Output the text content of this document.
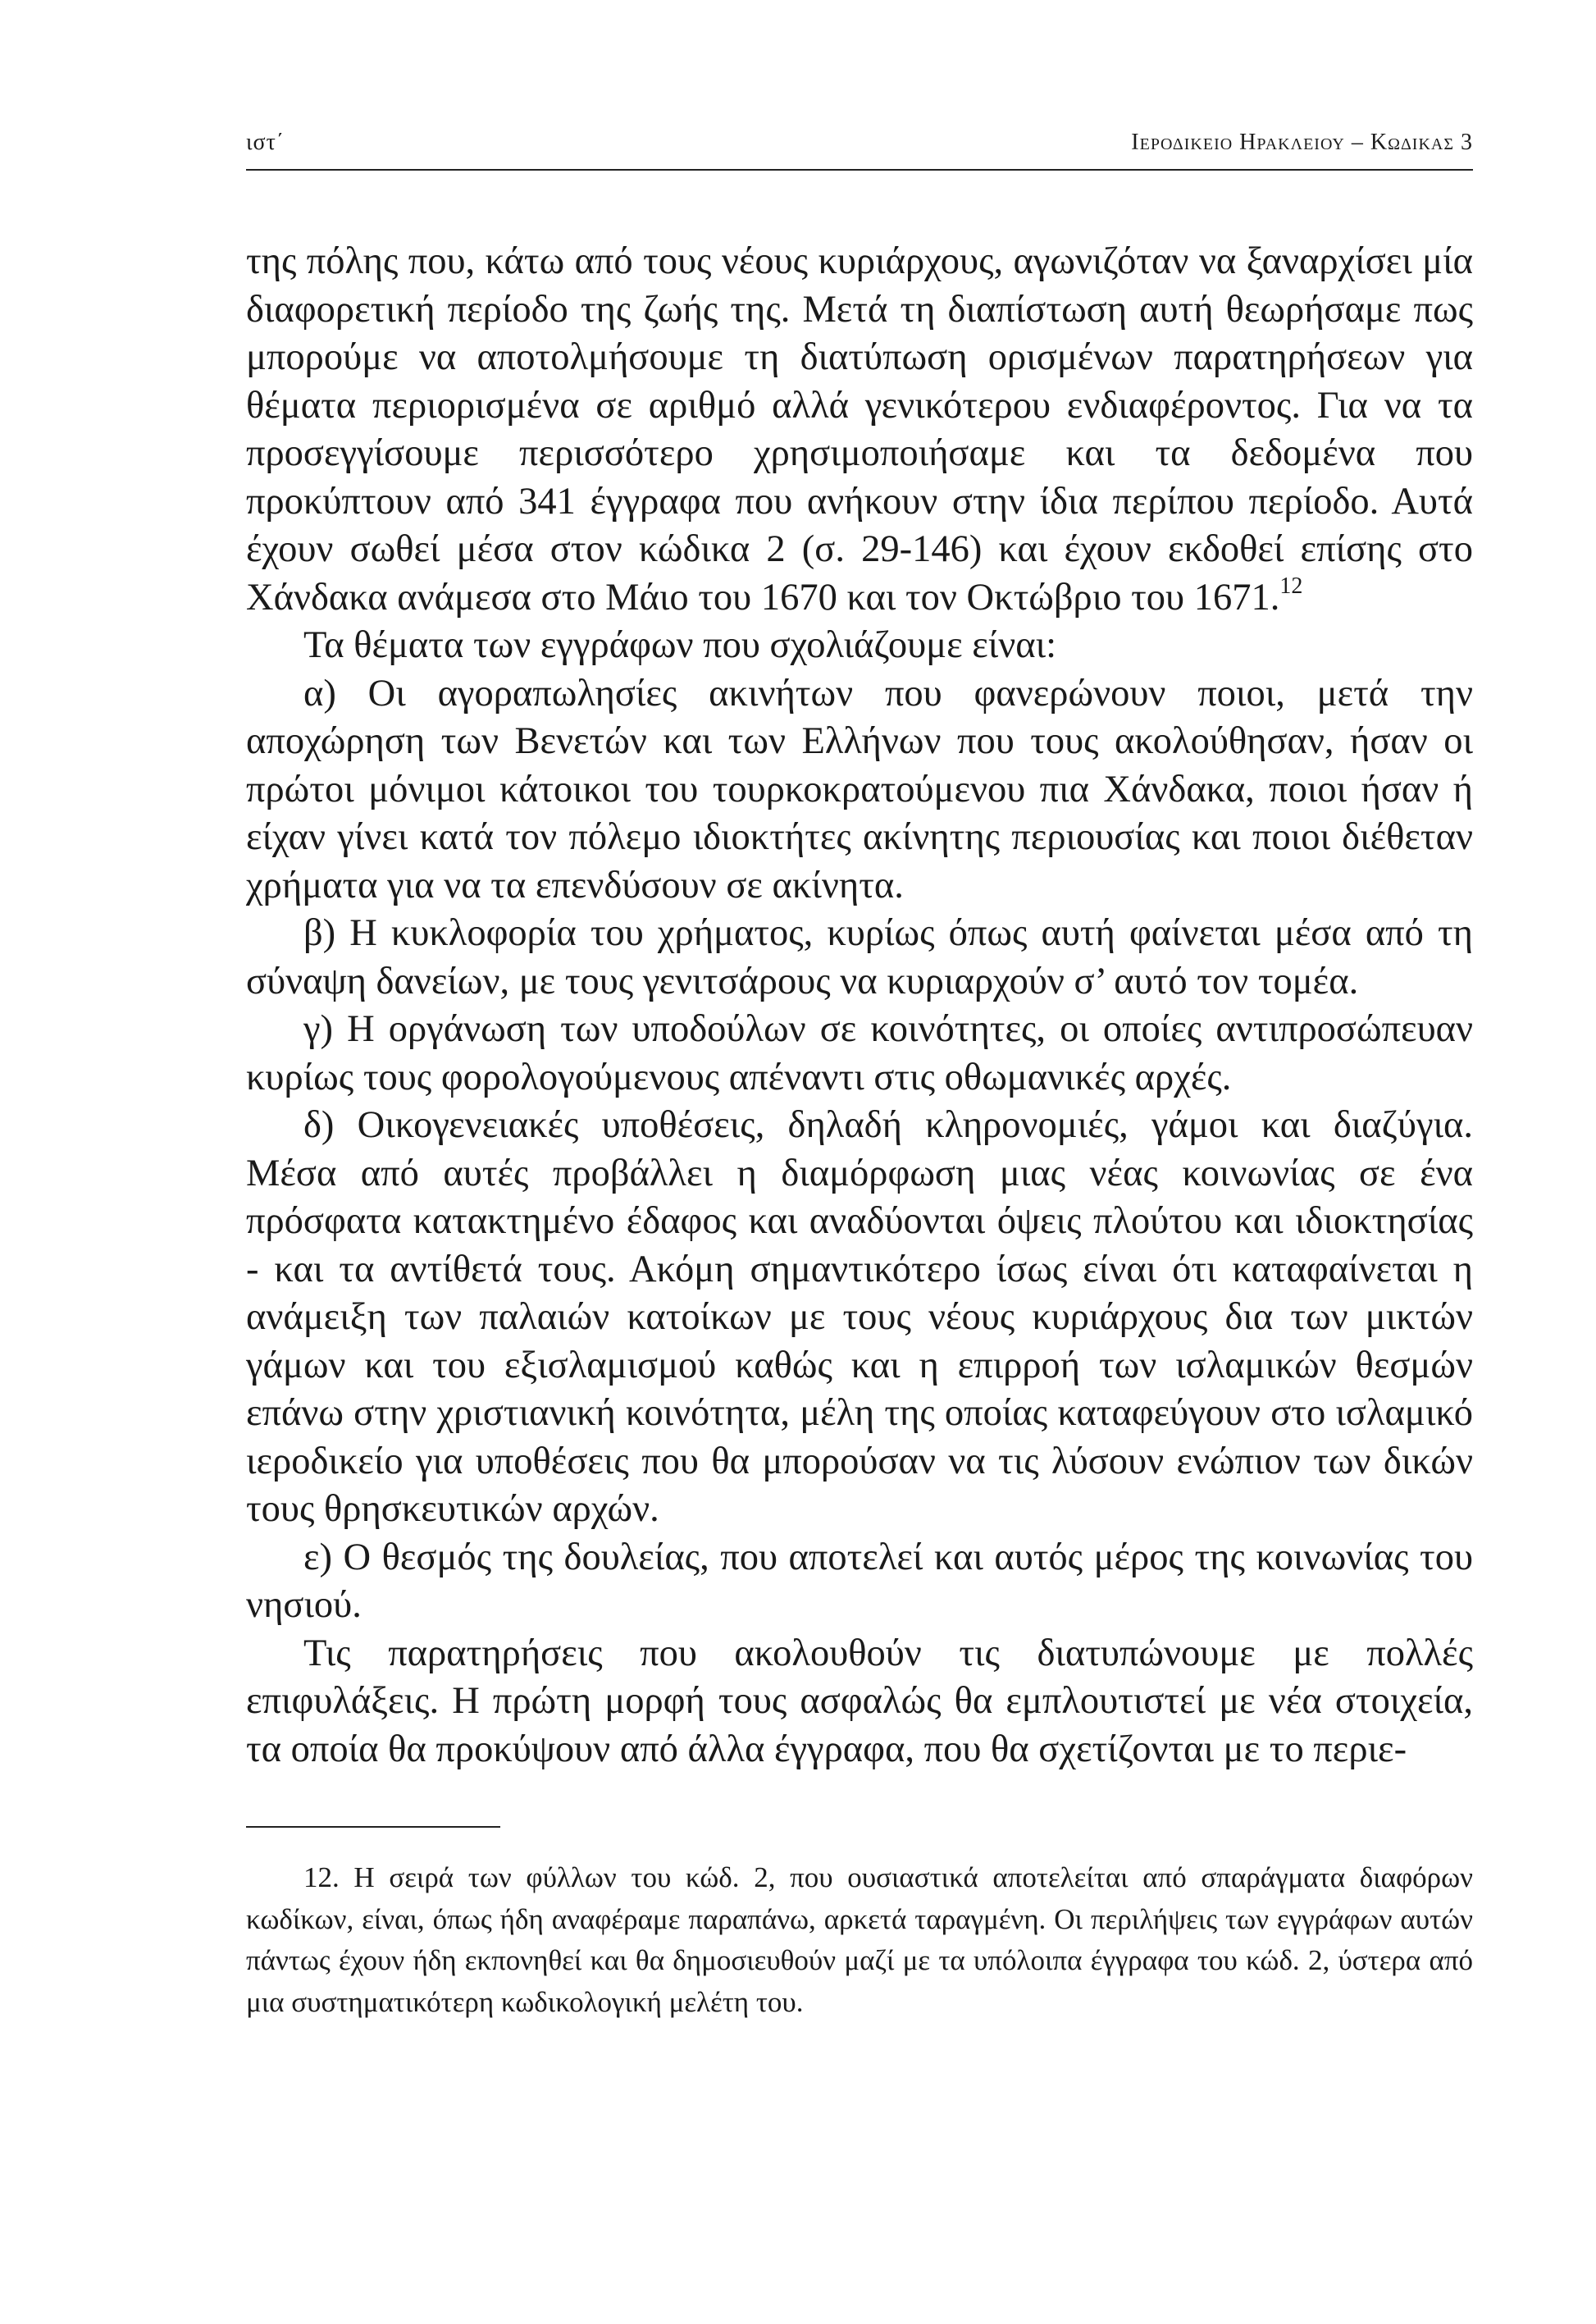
ιστ΄	Ιεροδικειο Ηρακλειου – Κωδικας 3

της πόλης που, κάτω από τους νέους κυριάρχους, αγωνιζόταν να ξαναρχίσει μία διαφορετική περίοδο της ζωής της. Μετά τη διαπίστωση αυτή θεωρήσαμε πως μπορούμε να αποτολμήσουμε τη διατύπωση ορισμένων παρατηρήσεων για θέματα περιορισμένα σε αριθμό αλλά γενικότερου ενδιαφέροντος. Για να τα προσεγγίσουμε περισσότερο χρησιμοποιήσαμε και τα δεδομένα που προκύπτουν από 341 έγγραφα που ανήκουν στην ίδια περίπου περίοδο. Αυτά έχουν σωθεί μέσα στον κώδικα 2 (σ. 29-146) και έχουν εκδοθεί επίσης στο Χάνδακα ανάμεσα στο Μάιο του 1670 και τον Οκτώβριο του 1671.12

Τα θέματα των εγγράφων που σχολιάζουμε είναι:

α) Οι αγοραπωλησίες ακινήτων που φανερώνουν ποιοι, μετά την αποχώρηση των Βενετών και των Ελλήνων που τους ακολούθησαν, ήσαν οι πρώτοι μόνιμοι κάτοικοι του τουρκοκρατούμενου πια Χάνδακα, ποιοι ήσαν ή είχαν γίνει κατά τον πόλεμο ιδιοκτήτες ακίνητης περιουσίας και ποιοι διέθεταν χρήματα για να τα επενδύσουν σε ακίνητα.

β) Η κυκλοφορία του χρήματος, κυρίως όπως αυτή φαίνεται μέσα από τη σύναψη δανείων, με τους γενιτσάρους να κυριαρχούν σ’ αυτό τον τομέα.

γ) Η οργάνωση των υποδούλων σε κοινότητες, οι οποίες αντιπροσώπευαν κυρίως τους φορολογούμενους απέναντι στις οθωμανικές αρχές.

δ) Οικογενειακές υποθέσεις, δηλαδή κληρονομιές, γάμοι και διαζύγια. Μέσα από αυτές προβάλλει η διαμόρφωση μιας νέας κοινωνίας σε ένα πρόσφατα κατακτημένο έδαφος και αναδύονται όψεις πλούτου και ιδιοκτησίας - και τα αντίθετά τους. Ακόμη σημαντικότερο ίσως είναι ότι καταφαίνεται η ανάμειξη των παλαιών κατοίκων με τους νέους κυριάρχους δια των μικτών γάμων και του εξισλαμισμού καθώς και η επιρροή των ισλαμικών θεσμών επάνω στην χριστιανική κοινότητα, μέλη της οποίας καταφεύγουν στο ισλαμικό ιεροδικείο για υποθέσεις που θα μπορούσαν να τις λύσουν ενώπιον των δικών τους θρησκευτικών αρχών.

ε) Ο θεσμός της δουλείας, που αποτελεί και αυτός μέρος της κοινωνίας του νησιού.

Τις παρατηρήσεις που ακολουθούν τις διατυπώνουμε με πολλές επιφυλάξεις. Η πρώτη μορφή τους ασφαλώς θα εμπλουτιστεί με νέα στοιχεία, τα οποία θα προκύψουν από άλλα έγγραφα, που θα σχετίζονται με το περιε-

12. Η σειρά των φύλλων του κώδ. 2, που ουσιαστικά αποτελείται από σπαράγματα διαφόρων κωδίκων, είναι, όπως ήδη αναφέραμε παραπάνω, αρκετά ταραγμένη. Οι περιλήψεις των εγγράφων αυτών πάντως έχουν ήδη εκπονηθεί και θα δημοσιευθούν μαζί με τα υπόλοιπα έγγραφα του κώδ. 2, ύστερα από μια συστηματικότερη κωδικολογική μελέτη του.
